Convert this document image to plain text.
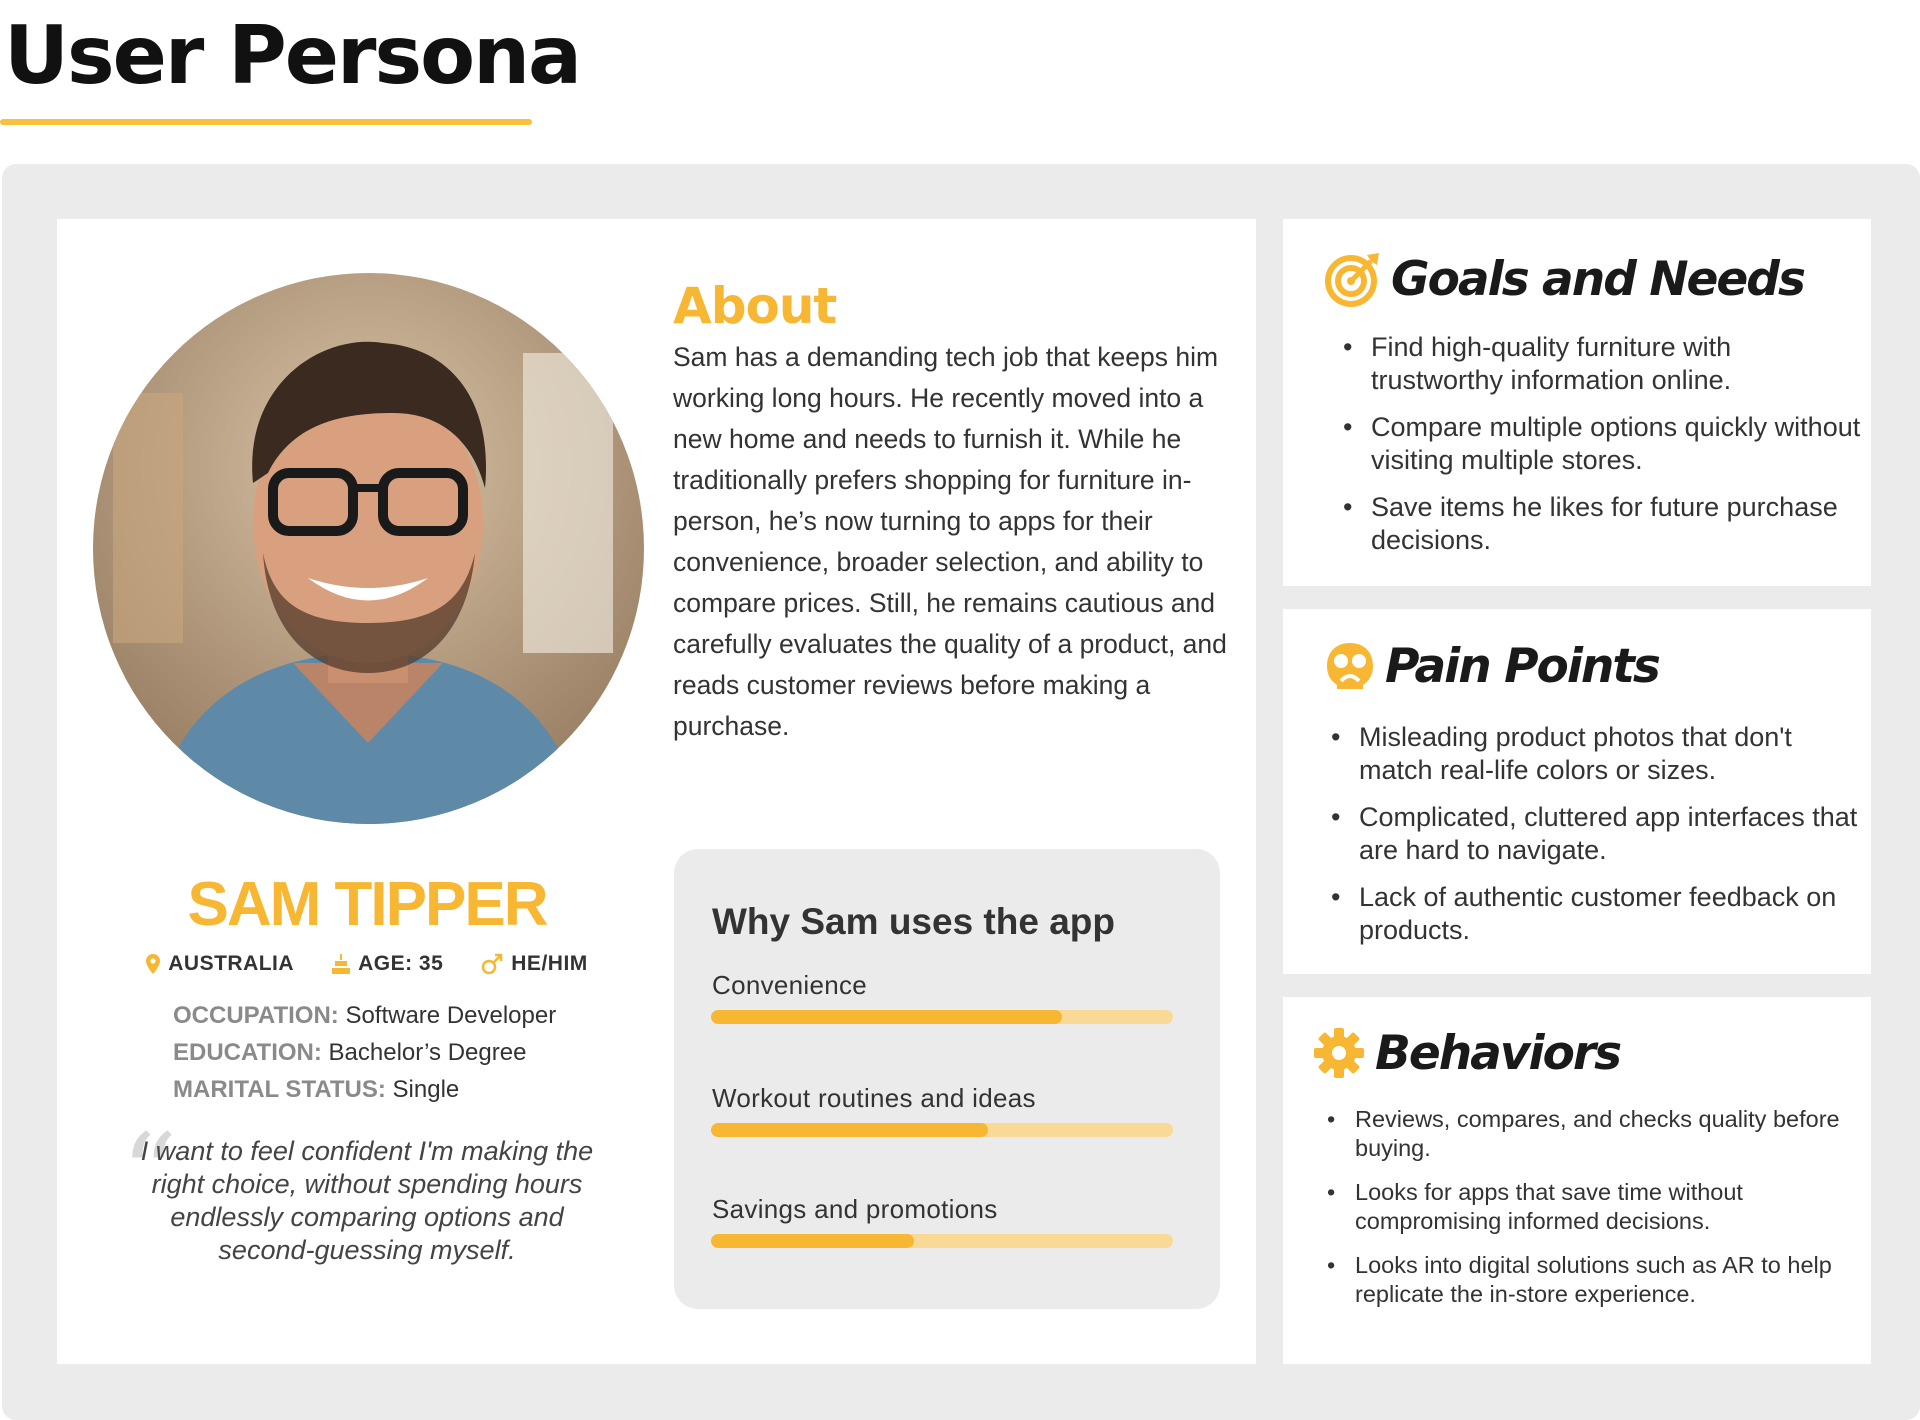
User Persona
SAM TIPPER
AUSTRALIA	AGE: 35	HE/HIM
OCCUPATION: Software Developer
EDUCATION: Bachelor’s Degree
MARITAL STATUS: Single
“

I want to feel confident I'm making the right choice, without spending hours endlessly comparing options and second-guessing myself.

About

Sam has a demanding tech job that keeps him working long hours. He recently moved into a new home and needs to furnish it. While he traditionally prefers shopping for furniture in-person, he’s now turning to apps for their convenience, broader selection, and ability to compare prices. Still, he remains cautious and carefully evaluates the quality of a product, and reads customer reviews before making a purchase.

Why Sam uses the app
Convenience
Workout routines and ideas
Savings and promotions
Goals and Needs
• Find high-quality furniture with trustworthy information online.
• Compare multiple options quickly without visiting multiple stores.
• Save items he likes for future purchase decisions.
Pain Points
• Misleading product photos that don't match real-life colors or sizes.
• Complicated, cluttered app interfaces that are hard to navigate.
• Lack of authentic customer feedback on products.
Behaviors
• Reviews, compares, and checks quality before buying.
• Looks for apps that save time without compromising informed decisions.
• Looks into digital solutions such as AR to help replicate the in-store experience.
